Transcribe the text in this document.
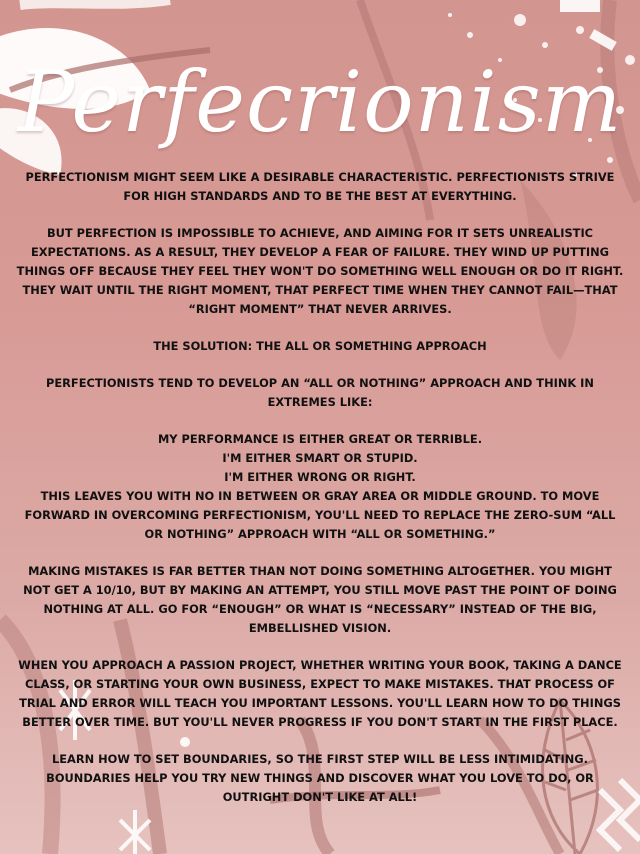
Perfecrionism

PERFECTIONISM MIGHT SEEM LIKE A DESIRABLE CHARACTERISTIC. PERFECTIONISTS STRIVE FOR HIGH STANDARDS AND TO BE THE BEST AT EVERYTHING.

BUT PERFECTION IS IMPOSSIBLE TO ACHIEVE, AND AIMING FOR IT SETS UNREALISTIC EXPECTATIONS. AS A RESULT, THEY DEVELOP A FEAR OF FAILURE. THEY WIND UP PUTTING THINGS OFF BECAUSE THEY FEEL THEY WON'T DO SOMETHING WELL ENOUGH OR DO IT RIGHT. THEY WAIT UNTIL THE RIGHT MOMENT, THAT PERFECT TIME WHEN THEY CANNOT FAIL—THAT “RIGHT MOMENT” THAT NEVER ARRIVES.

THE SOLUTION: THE ALL OR SOMETHING APPROACH

PERFECTIONISTS TEND TO DEVELOP AN “ALL OR NOTHING” APPROACH AND THINK IN EXTREMES LIKE:

MY PERFORMANCE IS EITHER GREAT OR TERRIBLE.
I'M EITHER SMART OR STUPID.
I'M EITHER WRONG OR RIGHT.

THIS LEAVES YOU WITH NO IN BETWEEN OR GRAY AREA OR MIDDLE GROUND. TO MOVE FORWARD IN OVERCOMING PERFECTIONISM, YOU'LL NEED TO REPLACE THE ZERO-SUM “ALL OR NOTHING” APPROACH WITH “ALL OR SOMETHING.”

MAKING MISTAKES IS FAR BETTER THAN NOT DOING SOMETHING ALTOGETHER. YOU MIGHT NOT GET A 10/10, BUT BY MAKING AN ATTEMPT, YOU STILL MOVE PAST THE POINT OF DOING NOTHING AT ALL. GO FOR “ENOUGH” OR WHAT IS “NECESSARY” INSTEAD OF THE BIG, EMBELLISHED VISION.

WHEN YOU APPROACH A PASSION PROJECT, WHETHER WRITING YOUR BOOK, TAKING A DANCE CLASS, OR STARTING YOUR OWN BUSINESS, EXPECT TO MAKE MISTAKES. THAT PROCESS OF TRIAL AND ERROR WILL TEACH YOU IMPORTANT LESSONS. YOU'LL LEARN HOW TO DO THINGS BETTER OVER TIME. BUT YOU'LL NEVER PROGRESS IF YOU DON'T START IN THE FIRST PLACE.

LEARN HOW TO SET BOUNDARIES, SO THE FIRST STEP WILL BE LESS INTIMIDATING. BOUNDARIES HELP YOU TRY NEW THINGS AND DISCOVER WHAT YOU LOVE TO DO, OR OUTRIGHT DON'T LIKE AT ALL!
